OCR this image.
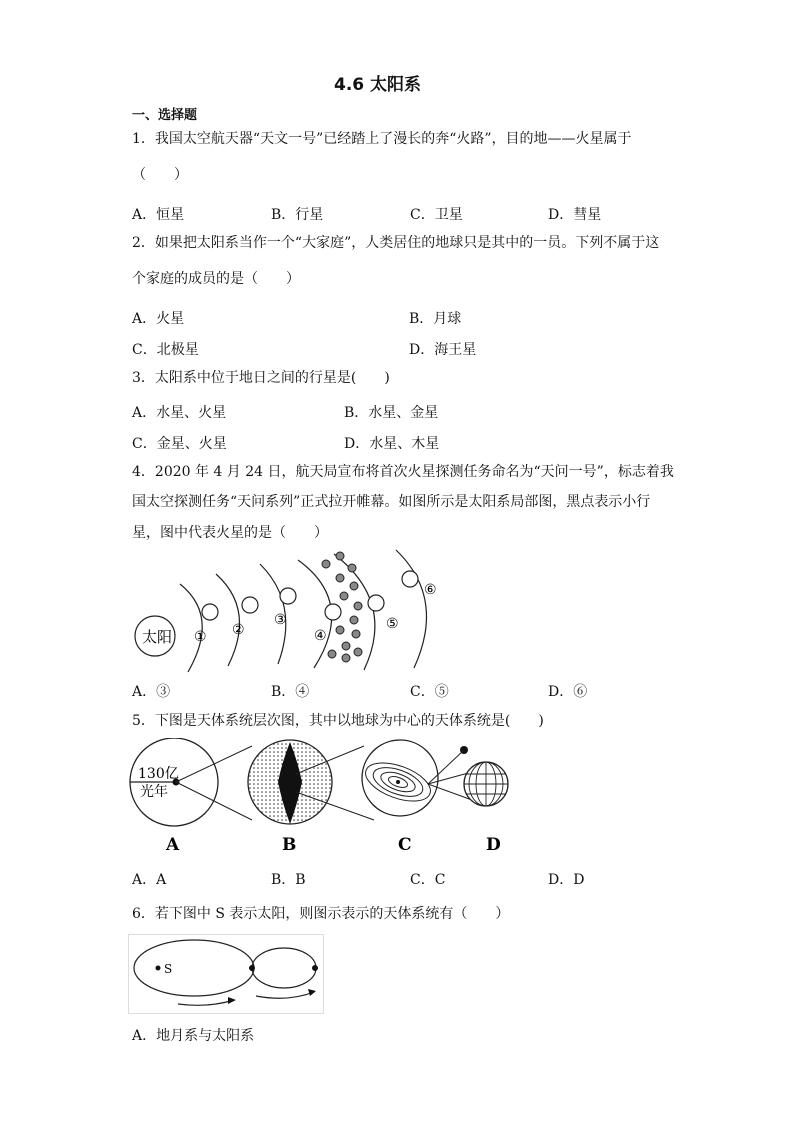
4.6 太阳系
一、选择题
1．我国太空航天器“天文一号”已经踏上了漫长的奔“火路”，目的地——火星属于
（　　）
A．恒星	B．行星	C．卫星	D．彗星
2．如果把太阳系当作一个“大家庭”，人类居住的地球只是其中的一员。下列不属于这
个家庭的成员的是（　　）
A．火星	B．月球
C．北极星	D．海王星
3．太阳系中位于地日之间的行星是(　　)
A．水星、火星	B．水星、金星
C．金星、火星	D．水星、木星
4．2020 年 4 月 24 日，航天局宣布将首次火星探测任务命名为“天问一号”，标志着我
国太空探测任务“天问系列”正式拉开帷幕。如图所示是太阳系局部图，黑点表示小行
星，图中代表火星的是（　　）
太阳 ① ②
③
④
⑤
⑥
A．③	B．④	C．⑤	D．⑥
5．下图是天体系统层次图，其中以地球为中心的天体系统是(　　)
130亿
光年
A	B	C	D
A．A	B．B	C．C	D．D
6．若下图中 S 表示太阳，则图示表示的天体系统有（　　）
S
A．地月系与太阳系
